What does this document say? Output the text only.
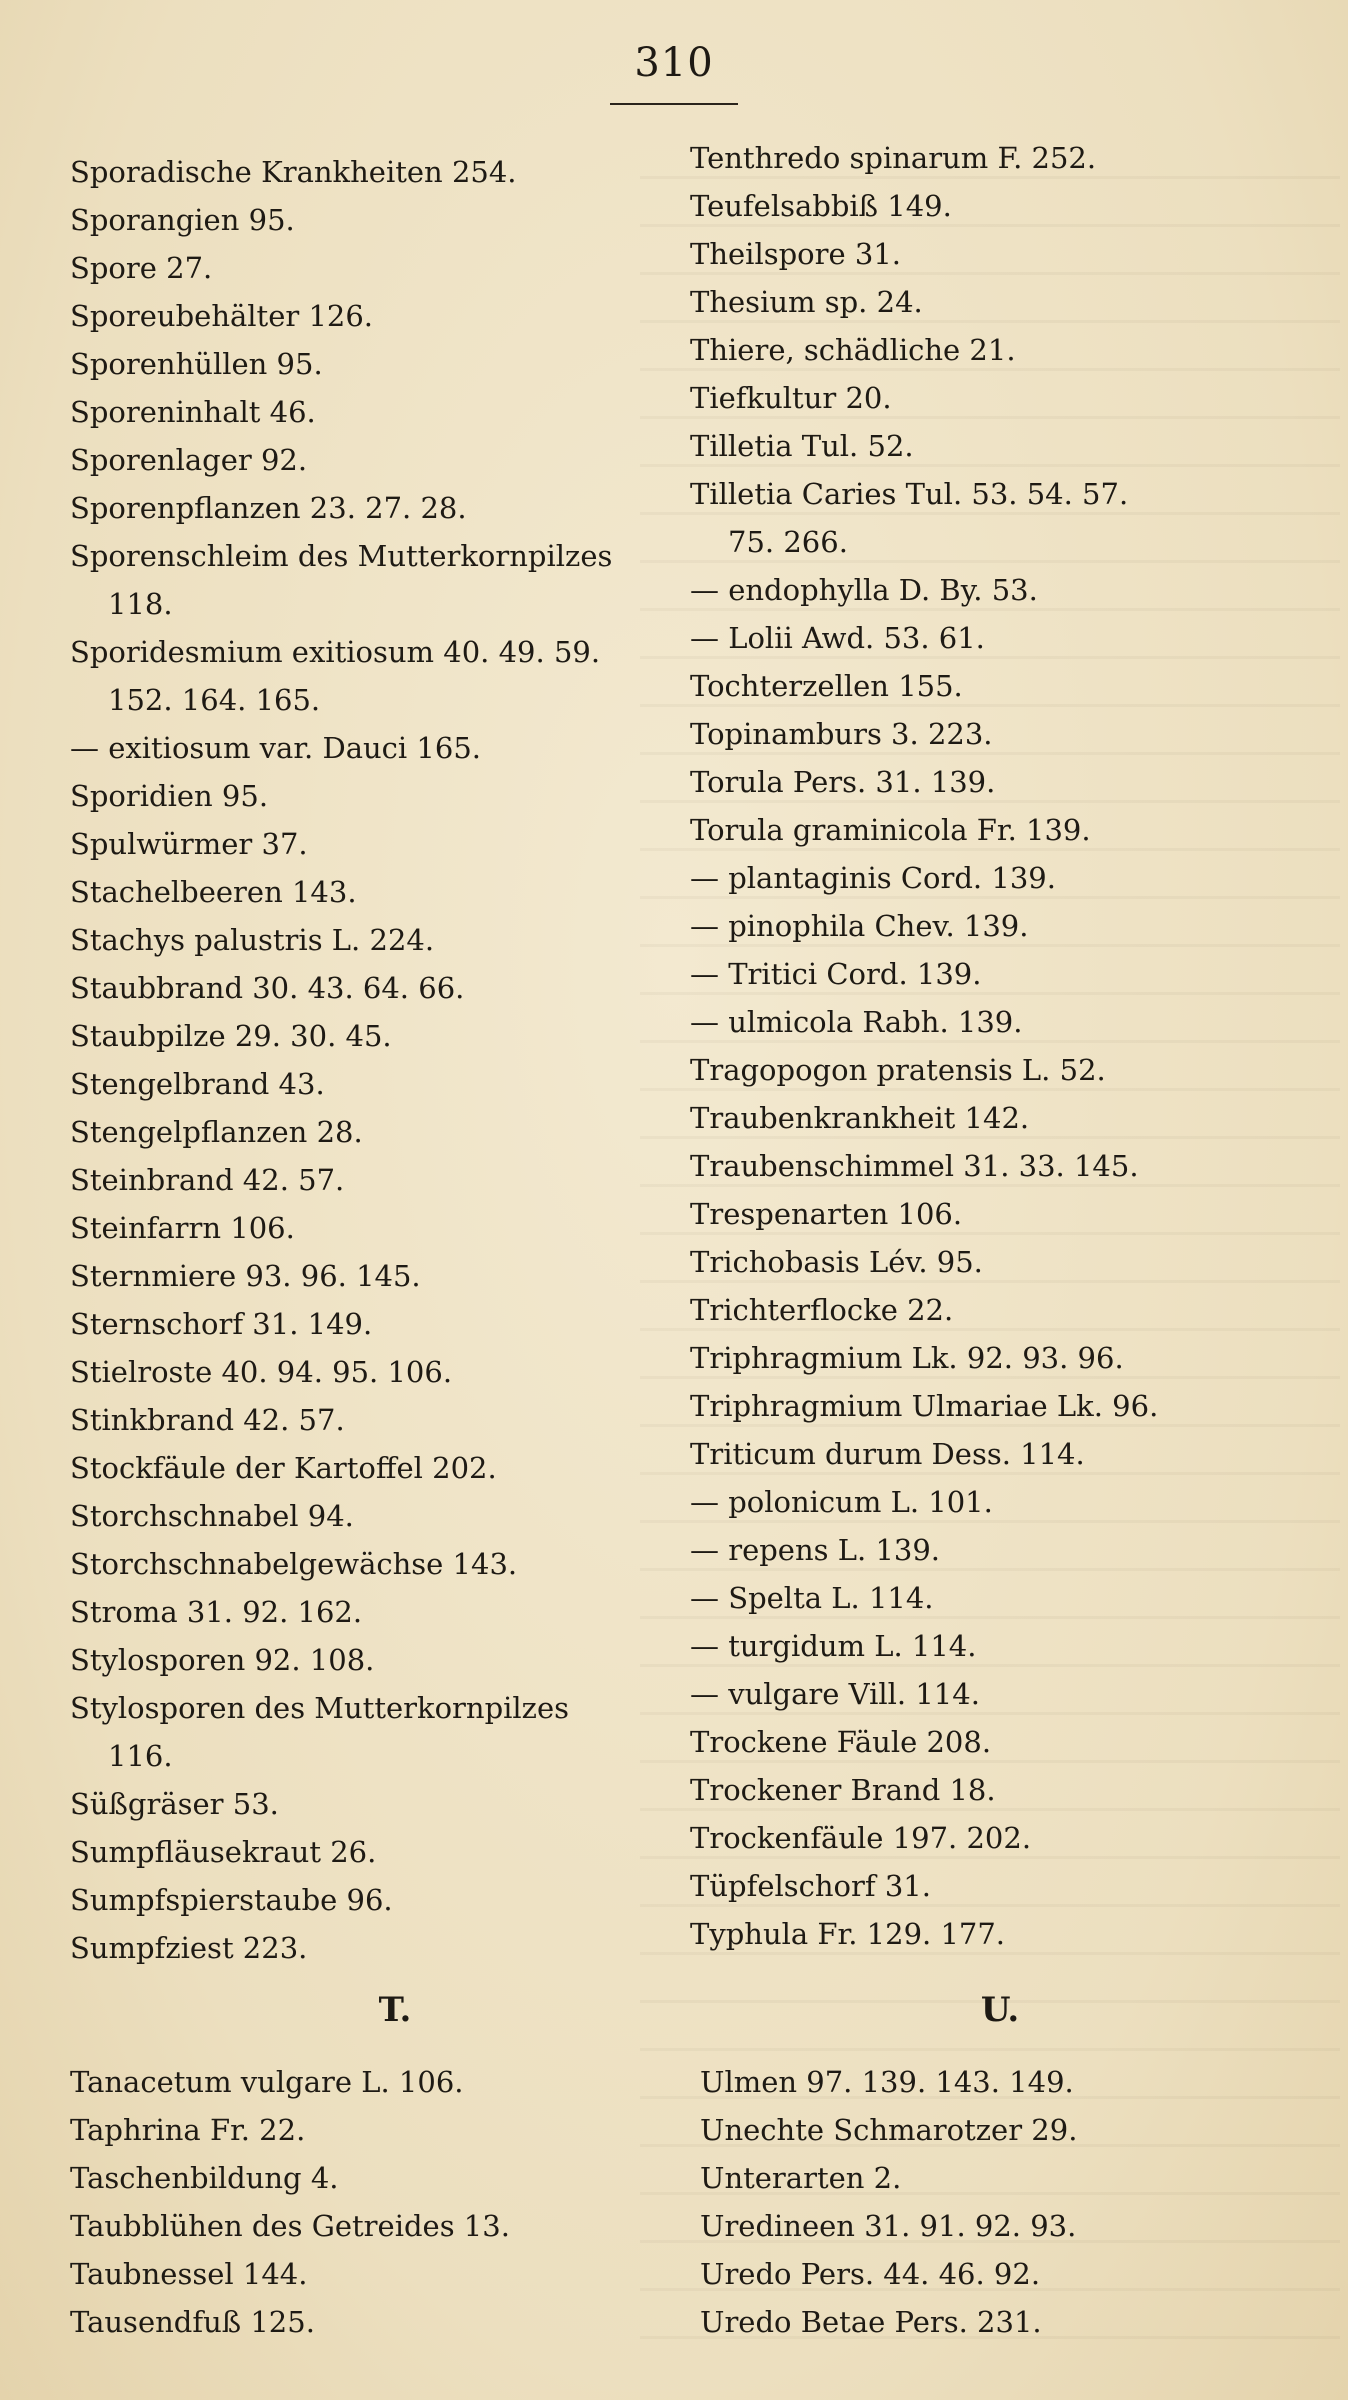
310
Sporadische Krankheiten 254.
Sporangien 95.
Spore 27.
Sporeubehälter 126.
Sporenhüllen 95.
Sporeninhalt 46.
Sporenlager 92.
Sporenpflanzen 23. 27. 28.
Sporenschleim des Mutterkornpilzes
118.
Sporidesmium exitiosum 40. 49. 59.
152. 164. 165.
— exitiosum var. Dauci 165.
Sporidien 95.
Spulwürmer 37.
Stachelbeeren 143.
Stachys palustris L. 224.
Staubbrand 30. 43. 64. 66.
Staubpilze 29. 30. 45.
Stengelbrand 43.
Stengelpflanzen 28.
Steinbrand 42. 57.
Steinfarrn 106.
Sternmiere 93. 96. 145.
Sternschorf 31. 149.
Stielroste 40. 94. 95. 106.
Stinkbrand 42. 57.
Stockfäule der Kartoffel 202.
Storchschnabel 94.
Storchschnabelgewächse 143.
Stroma 31. 92. 162.
Stylosporen 92. 108.
Stylosporen des Mutterkornpilzes
116.
Süßgräser 53.
Sumpfläusekraut 26.
Sumpfspierstaube 96.
Sumpfziest 223.
Tenthredo spinarum F. 252.
Teufelsabbiß 149.
Theilspore 31.
Thesium sp. 24.
Thiere, schädliche 21.
Tiefkultur 20.
Tilletia Tul. 52.
Tilletia Caries Tul. 53. 54. 57.
75. 266.
— endophylla D. By. 53.
— Lolii Awd. 53. 61.
Tochterzellen 155.
Topinamburs 3. 223.
Torula Pers. 31. 139.
Torula graminicola Fr. 139.
— plantaginis Cord. 139.
— pinophila Chev. 139.
— Tritici Cord. 139.
— ulmicola Rabh. 139.
Tragopogon pratensis L. 52.
Traubenkrankheit 142.
Traubenschimmel 31. 33. 145.
Trespenarten 106.
Trichobasis Lév. 95.
Trichterflocke 22.
Triphragmium Lk. 92. 93. 96.
Triphragmium Ulmariae Lk. 96.
Triticum durum Dess. 114.
— polonicum L. 101.
— repens L. 139.
— Spelta L. 114.
— turgidum L. 114.
— vulgare Vill. 114.
Trockene Fäule 208.
Trockener Brand 18.
Trockenfäule 197. 202.
Tüpfelschorf 31.
Typhula Fr. 129. 177.
T.	U.
Tanacetum vulgare L. 106.
Taphrina Fr. 22.
Taschenbildung 4.
Taubblühen des Getreides 13.
Taubnessel 144.
Tausendfuß 125.
Ulmen 97. 139. 143. 149.
Unechte Schmarotzer 29.
Unterarten 2.
Uredineen 31. 91. 92. 93.
Uredo Pers. 44. 46. 92.
Uredo Betae Pers. 231.
